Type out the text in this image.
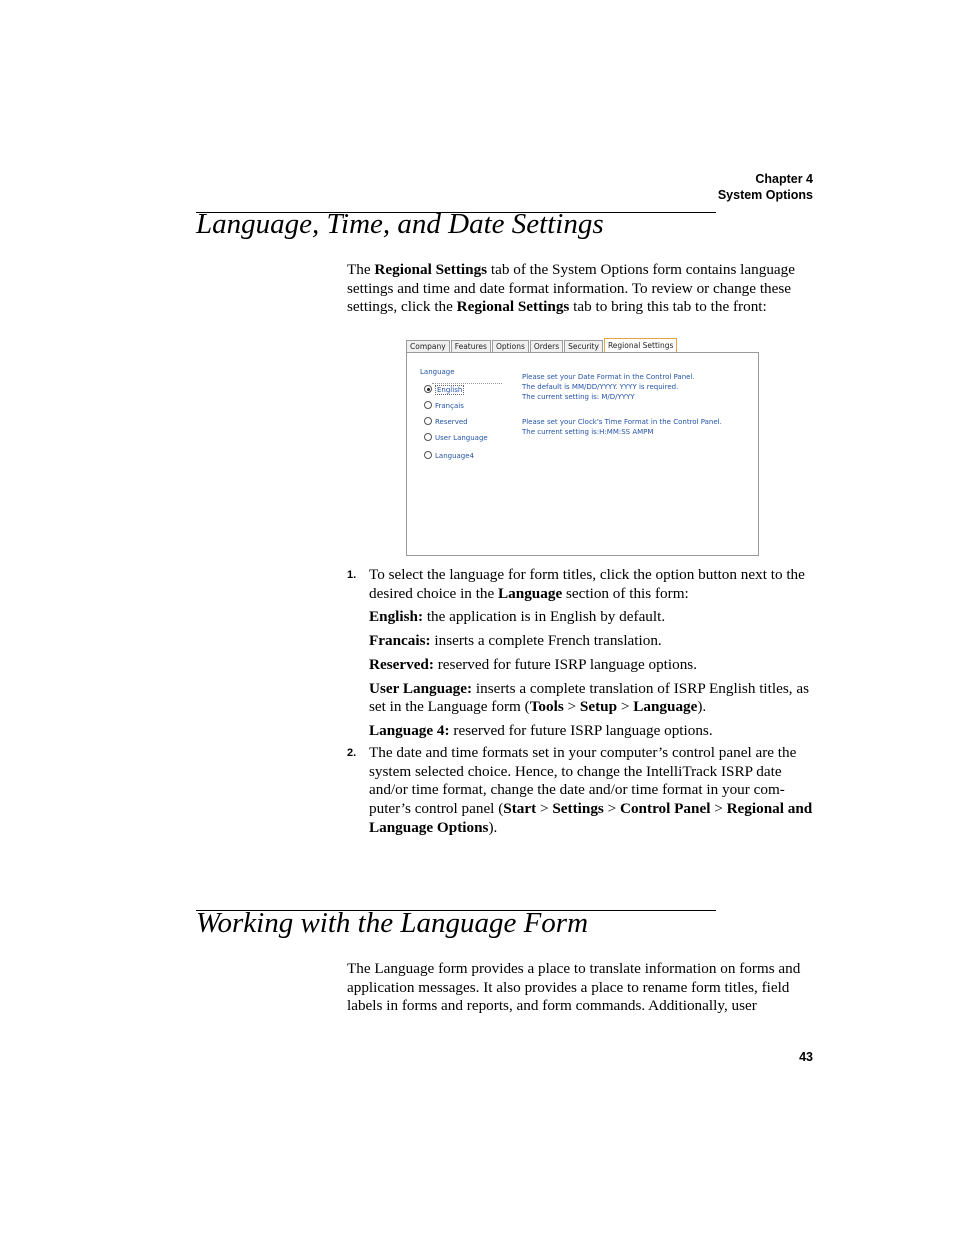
Chapter 4
System Options
Language, Time, and Date Settings

The Regional Settings tab of the System Options form contains language settings and time and date format information. To review or change these settings, click the Regional Settings tab to bring this tab to the front:

Company	Features	Options	Orders	Security	Regional Settings
Language
English
Français
Reserved
User Language
Language4
Please set your Date Format in the Control Panel.
The default is MM/DD/YYYY. YYYY is required.
The current setting is: M/D/YYYY
Please set your Clock's Time Format in the Control Panel.
The current setting is:H:MM:SS AMPM
1. To select the language for form titles, click the option button next to the desired choice in the Language section of this form:

English: the application is in English by default.

Francais: inserts a complete French translation.

Reserved: reserved for future ISRP language options.

User Language: inserts a complete translation of ISRP English titles, as set in the Language form (Tools > Setup > Language).

Language 4: reserved for future ISRP language options.

2. The date and time formats set in your computer’s control panel are the system selected choice. Hence, to change the IntelliTrack ISRP date and/or time format, change the date and/or time format in your com-puter’s control panel (Start > Settings > Control Panel > Regional and Language Options).

Working with the Language Form

The Language form provides a place to translate information on forms and application messages. It also provides a place to rename form titles, field labels in forms and reports, and form commands. Additionally, user

43
